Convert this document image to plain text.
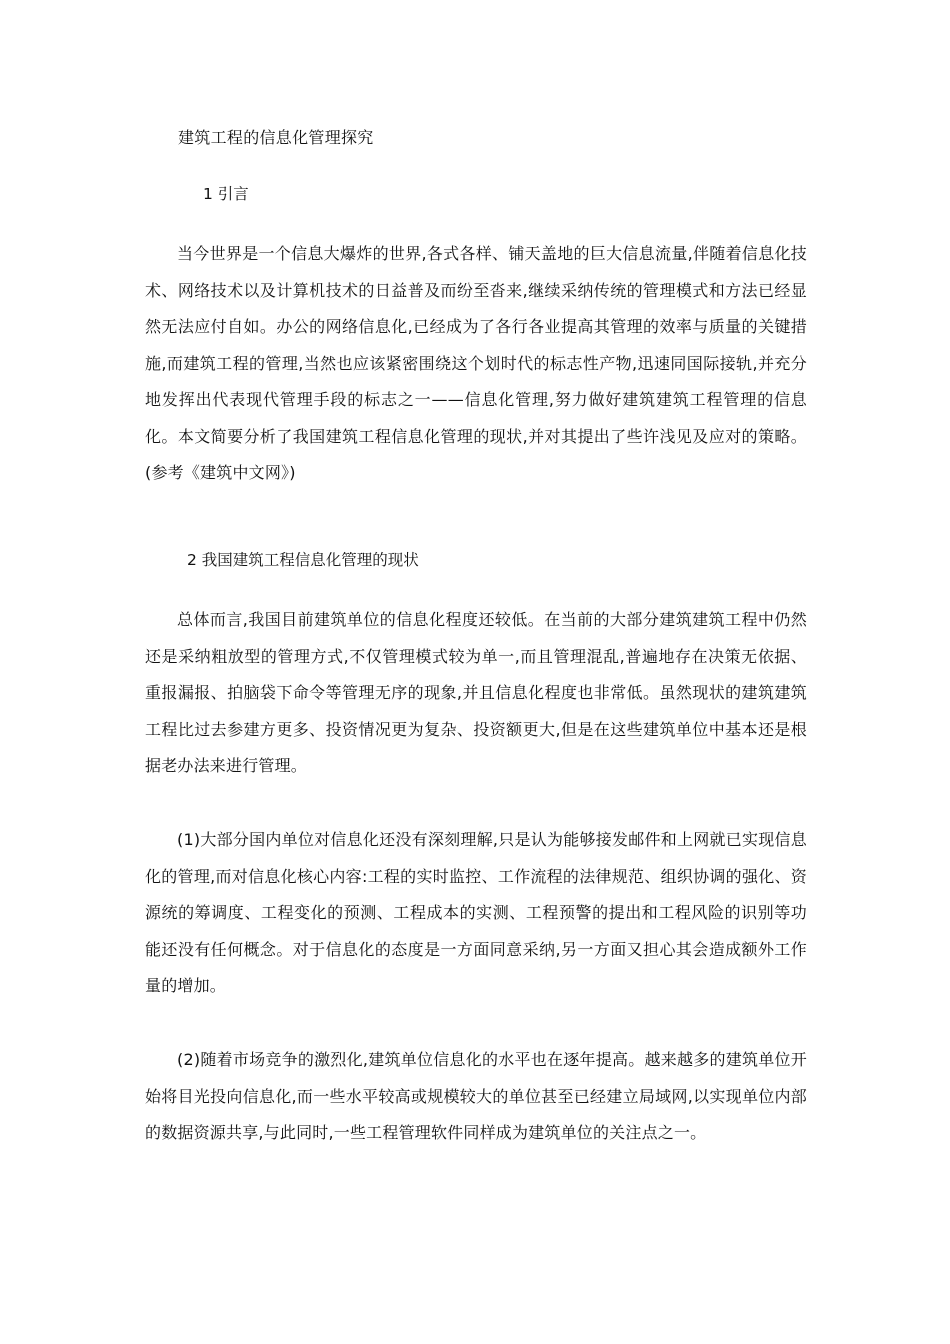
建筑工程的信息化管理探究
1 引言

当今世界是一个信息大爆炸的世界,各式各样、铺天盖地的巨大信息流量,伴随着信息化技术、网络技术以及计算机技术的日益普及而纷至沓来,继续采纳传统的管理模式和方法已经显然无法应付自如。办公的网络信息化,已经成为了各行各业提高其管理的效率与质量的关键措施,而建筑工程的管理,当然也应该紧密围绕这个划时代的标志性产物,迅速同国际接轨,并充分地发挥出代表现代管理手段的标志之一——信息化管理,努力做好建筑建筑工程管理的信息化。本文简要分析了我国建筑工程信息化管理的现状,并对其提出了些许浅见及应对的策略。(参考《建筑中文网》)

2 我国建筑工程信息化管理的现状

总体而言,我国目前建筑单位的信息化程度还较低。在当前的大部分建筑建筑工程中仍然还是采纳粗放型的管理方式,不仅管理模式较为单一,而且管理混乱,普遍地存在决策无依据、重报漏报、拍脑袋下命令等管理无序的现象,并且信息化程度也非常低。虽然现状的建筑建筑工程比过去参建方更多、投资情况更为复杂、投资额更大,但是在这些建筑单位中基本还是根据老办法来进行管理。

(1)大部分国内单位对信息化还没有深刻理解,只是认为能够接发邮件和上网就已实现信息化的管理,而对信息化核心内容:工程的实时监控、工作流程的法律规范、组织协调的强化、资源统的筹调度、工程变化的预测、工程成本的实测、工程预警的提出和工程风险的识别等功能还没有任何概念。对于信息化的态度是一方面同意采纳,另一方面又担心其会造成额外工作量的增加。

(2)随着市场竞争的激烈化,建筑单位信息化的水平也在逐年提高。越来越多的建筑单位开始将目光投向信息化,而一些水平较高或规模较大的单位甚至已经建立局域网,以实现单位内部的数据资源共享,与此同时,一些工程管理软件同样成为建筑单位的关注点之一。
